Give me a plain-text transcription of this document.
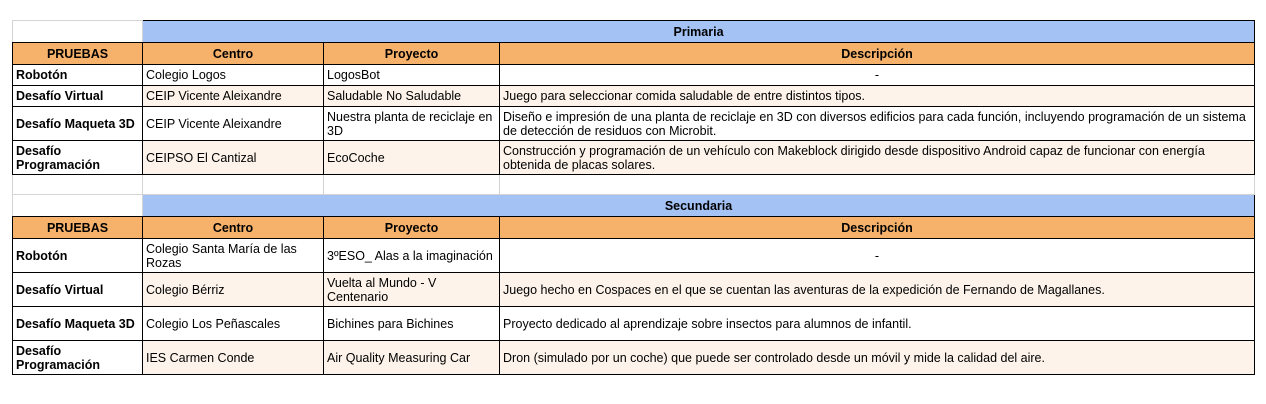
	Primaria		
PRUEBAS	Centro	Proyecto	Descripción
Robotón	Colegio Logos	LogosBot	-
Desafío Virtual	CEIP Vicente Aleixandre	Saludable No Saludable	Juego para seleccionar comida saludable de entre distintos tipos.
Desafío Maqueta 3D	CEIP Vicente Aleixandre	Nuestra planta de reciclaje en 3D	Diseño e impresión de una planta de reciclaje en 3D con diversos edificios para cada función, incluyendo programación de un sistema de detección de residuos con Microbit.
Desafío Programación	CEIPSO El Cantizal	EcoCoche	Construcción y programación de un vehículo con Makeblock dirigido desde dispositivo Android capaz de funcionar con energía obtenida de placas solares.

	Secundaria		
PRUEBAS	Centro	Proyecto	Descripción
Robotón	Colegio Santa María de las Rozas	3ºESO_ Alas a la imaginación	-
Desafío Virtual	Colegio Bérriz	Vuelta al Mundo - V Centenario	Juego hecho en Cospaces en el que se cuentan las aventuras de la expedición de Fernando de Magallanes.
Desafío Maqueta 3D	Colegio Los Peñascales	Bichines para Bichines	Proyecto dedicado al aprendizaje sobre insectos para alumnos de infantil.
Desafío Programación	IES Carmen Conde	Air Quality Measuring Car	Dron (simulado por un coche) que puede ser controlado desde un móvil y mide la calidad del aire.
